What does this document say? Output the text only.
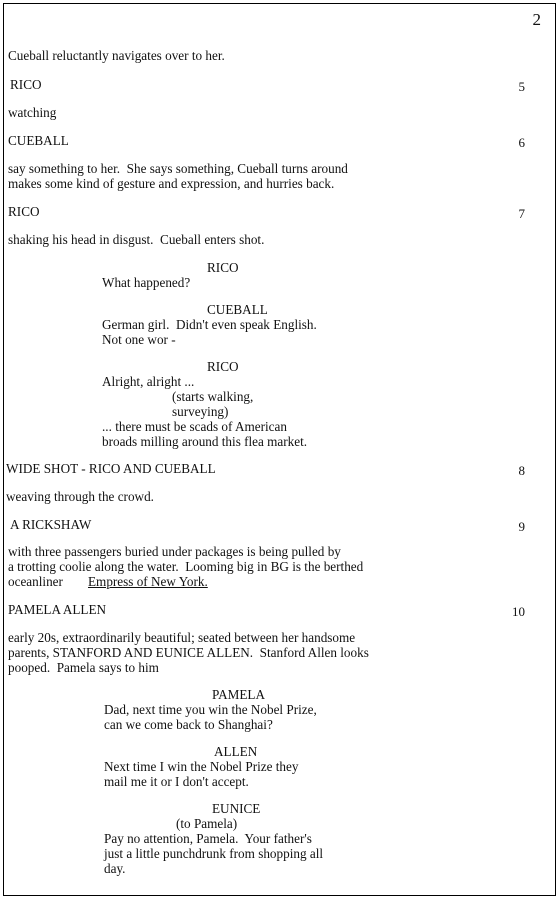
2
Cueball reluctantly navigates over to her.
RICO
watching
CUEBALL
say something to her.  She says something, Cueball turns around
makes some kind of gesture and expression, and hurries back.
RICO
shaking his head in disgust.  Cueball enters shot.
RICO
What happened?
CUEBALL
German girl.  Didn't even speak English.
Not one wor -
RICO
Alright, alright ...
(starts walking,
surveying)
... there must be scads of American
broads milling around this flea market.
WIDE SHOT - RICO AND CUEBALL
weaving through the crowd.
A RICKSHAW
with three passengers buried under packages is being pulled by
a trotting coolie along the water.  Looming big in BG is the berthed
oceanliner Empress of New York.
PAMELA ALLEN
early 20s, extraordinarily beautiful; seated between her handsome
parents, STANFORD AND EUNICE ALLEN.  Stanford Allen looks
pooped.  Pamela says to him
PAMELA
Dad, next time you win the Nobel Prize,
can we come back to Shanghai?
ALLEN
Next time I win the Nobel Prize they
mail me it or I don't accept.
EUNICE
(to Pamela)
Pay no attention, Pamela.  Your father's
just a little punchdrunk from shopping all
day.
5
6
7
8
9
10
